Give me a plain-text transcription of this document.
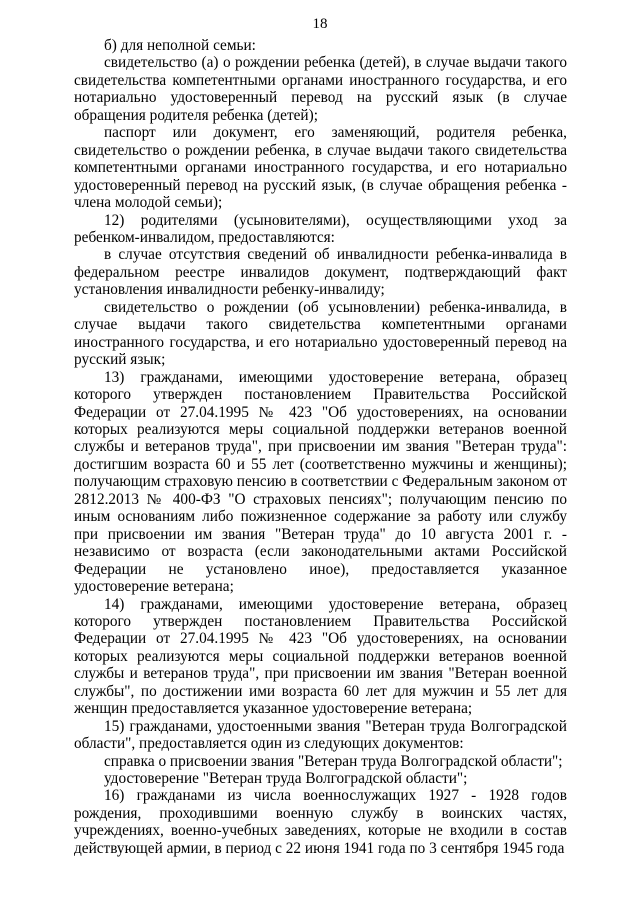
18

б) для неполной семьи:

свидетельство (а) о рождении ребенка (детей), в случае выдачи такого свидетельства компетентными органами иностранного государства, и его нотариально удостоверенный перевод на русский язык (в случае обращения родителя ребенка (детей);

паспорт или документ, его заменяющий, родителя ребенка, свидетельство о рождении ребенка, в случае выдачи такого свидетельства компетентными органами иностранного государства, и его нотариально удостоверенный перевод на русский язык, (в случае обращения ребенка - члена молодой семьи);

12) родителями (усыновителями), осуществляющими уход за ребенком-инвалидом, предоставляются:

в случае отсутствия сведений об инвалидности ребенка-инвалида в федеральном реестре инвалидов документ, подтверждающий факт установления инвалидности ребенку-инвалиду;

свидетельство о рождении (об усыновлении) ребенка-инвалида, в случае выдачи такого свидетельства компетентными органами иностранного государства, и его нотариально удостоверенный перевод на русский язык;

13) гражданами, имеющими удостоверение ветерана, образец которого утвержден постановлением Правительства Российской Федерации от 27.04.1995 № 423 "Об удостоверениях, на основании которых реализуются меры социальной поддержки ветеранов военной службы и ветеранов труда", при присвоении им звания "Ветеран труда": достигшим возраста 60 и 55 лет (соответственно мужчины и женщины); получающим страховую пенсию в соответствии с Федеральным законом от 2812.2013 № 400-ФЗ "О страховых пенсиях"; получающим пенсию по иным основаниям либо пожизненное содержание за работу или службу при присвоении им звания "Ветеран труда" до 10 августа 2001 г. - независимо от возраста (если законодательными актами Российской Федерации не установлено иное), предоставляется указанное удостоверение ветерана;

14) гражданами, имеющими удостоверение ветерана, образец которого утвержден постановлением Правительства Российской Федерации от 27.04.1995 № 423 "Об удостоверениях, на основании которых реализуются меры социальной поддержки ветеранов военной службы и ветеранов труда", при присвоении им звания "Ветеран военной службы", по достижении ими возраста 60 лет для мужчин и 55 лет для женщин предоставляется указанное удостоверение ветерана;

15) гражданами, удостоенными звания "Ветеран труда Волгоградской области", предоставляется один из следующих документов:

справка о присвоении звания "Ветеран труда Волгоградской области";

удостоверение "Ветеран труда Волгоградской области";

16) гражданами из числа военнослужащих 1927 - 1928 годов рождения, проходившими военную службу в воинских частях, учреждениях, военно-учебных заведениях, которые не входили в состав действующей армии, в период с 22 июня 1941 года по 3 сентября 1945 года
